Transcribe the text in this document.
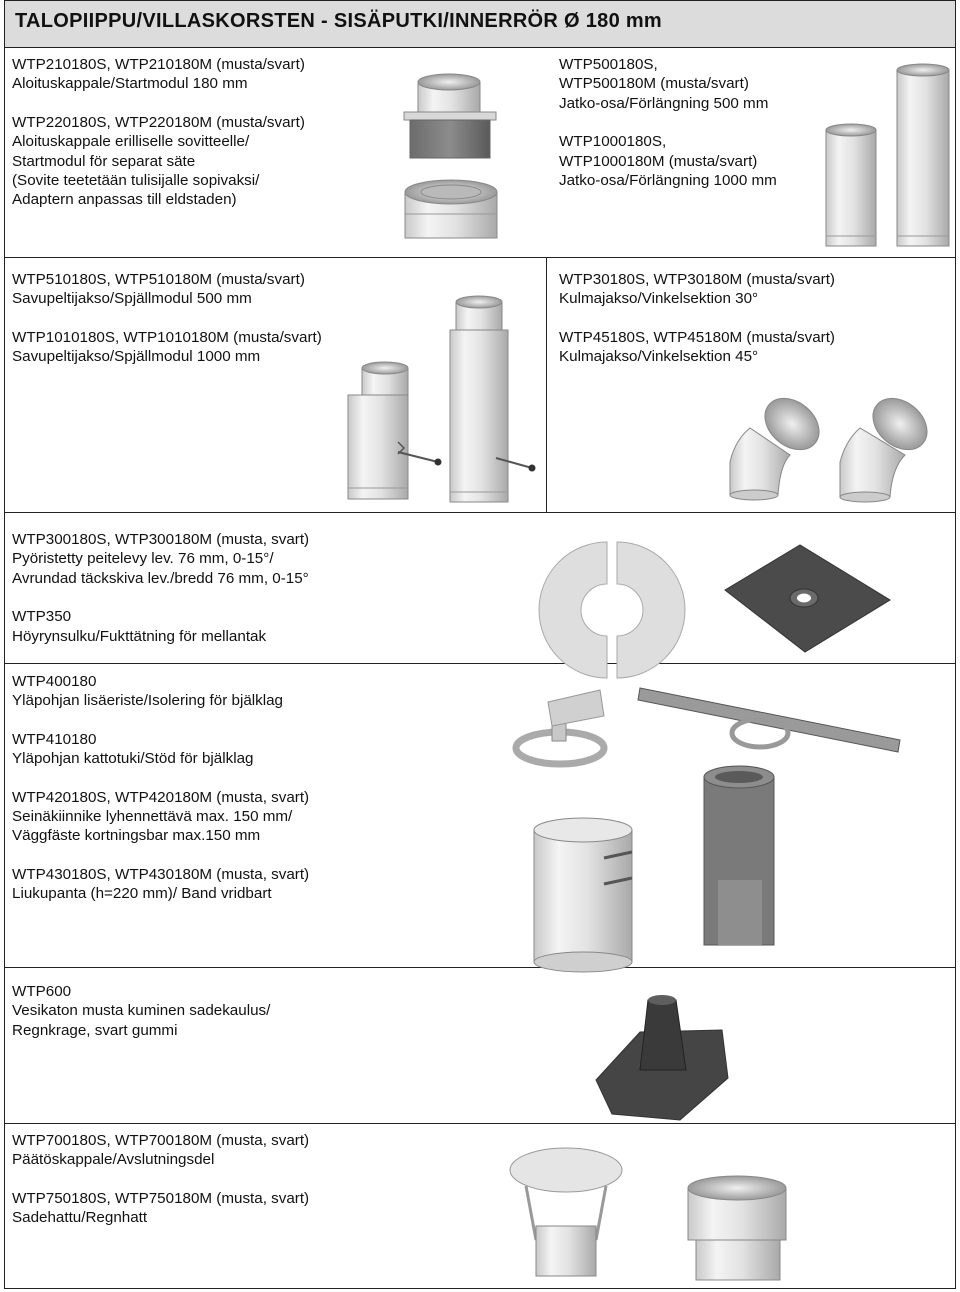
TALOPIIPPU/VILLASKORSTEN - SISÄPUTKI/INNERRÖR Ø 180 mm
WTP210180S, WTP210180M (musta/svart)
Aloituskappale/Startmodul 180 mm
WTP220180S, WTP220180M (musta/svart)
Aloituskappale erilliselle sovitteelle/
Startmodul för separat säte
(Sovite teetetään tulisijalle sopivaksi/
Adaptern anpassas till eldstaden)
WTP500180S,
WTP500180M (musta/svart)
Jatko-osa/Förlängning 500 mm
WTP1000180S,
WTP1000180M (musta/svart)
Jatko-osa/Förlängning 1000 mm
WTP510180S, WTP510180M (musta/svart)
Savupeltijakso/Spjällmodul 500 mm
WTP1010180S, WTP1010180M (musta/svart)
Savupeltijakso/Spjällmodul 1000 mm
WTP30180S, WTP30180M (musta/svart)
Kulmajakso/Vinkelsektion 30°
WTP45180S, WTP45180M (musta/svart)
Kulmajakso/Vinkelsektion 45°
WTP300180S, WTP300180M (musta, svart)
Pyöristetty peitelevy lev. 76 mm, 0-15°/
Avrundad täckskiva lev./bredd 76 mm, 0-15°
WTP350
Höyrynsulku/Fukttätning för mellantak
WTP400180
Yläpohjan lisäeriste/Isolering för bjälklag
WTP410180
Yläpohjan kattotuki/Stöd för bjälklag
WTP420180S, WTP420180M (musta, svart)
Seinäkiinnike lyhennettävä max. 150 mm/
Väggfäste kortningsbar max.150 mm
WTP430180S, WTP430180M (musta, svart)
Liukupanta (h=220 mm)/ Band vridbart
WTP600
Vesikaton musta kuminen sadekaulus/
Regnkrage, svart gummi
WTP700180S, WTP700180M (musta, svart)
Päätöskappale/Avslutningsdel
WTP750180S, WTP750180M (musta, svart)
Sadehattu/Regnhatt
